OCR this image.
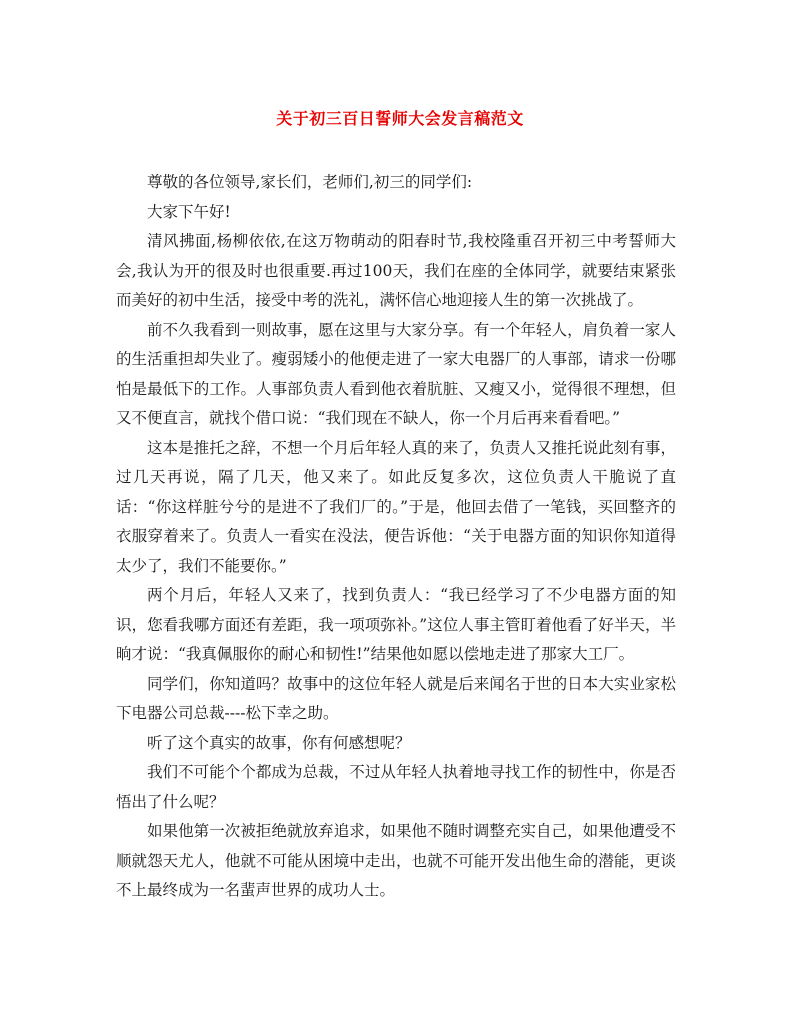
关于初三百日誓师大会发言稿范文

尊敬的各位领导,家长们，老师们,初三的同学们:

大家下午好!

清风拂面,杨柳依依,在这万物萌动的阳春时节,我校隆重召开初三中考誓师大会,我认为开的很及时也很重要.再过100天，我们在座的全体同学，就要结束紧张而美好的初中生活，接受中考的洗礼，满怀信心地迎接人生的第一次挑战了。

前不久我看到一则故事，愿在这里与大家分享。有一个年轻人，肩负着一家人的生活重担却失业了。瘦弱矮小的他便走进了一家大电器厂的人事部，请求一份哪怕是最低下的工作。人事部负责人看到他衣着肮脏、又瘦又小，觉得很不理想，但又不便直言，就找个借口说：“我们现在不缺人，你一个月后再来看看吧。”

这本是推托之辞，不想一个月后年轻人真的来了，负责人又推托说此刻有事，过几天再说，隔了几天，他又来了。如此反复多次，这位负责人干脆说了直话：“你这样脏兮兮的是进不了我们厂的。”于是，他回去借了一笔钱，买回整齐的衣服穿着来了。负责人一看实在没法，便告诉他：“关于电器方面的知识你知道得太少了，我们不能要你。”

两个月后，年轻人又来了，找到负责人：“我已经学习了不少电器方面的知识，您看我哪方面还有差距，我一项项弥补。”这位人事主管盯着他看了好半天，半晌才说：“我真佩服你的耐心和韧性!”结果他如愿以偿地走进了那家大工厂。

同学们，你知道吗？故事中的这位年轻人就是后来闻名于世的日本大实业家松下电器公司总裁----松下幸之助。

听了这个真实的故事，你有何感想呢？

我们不可能个个都成为总裁，不过从年轻人执着地寻找工作的韧性中，你是否悟出了什么呢？

如果他第一次被拒绝就放弃追求，如果他不随时调整充实自己，如果他遭受不顺就怨天尤人，他就不可能从困境中走出，也就不可能开发出他生命的潜能，更谈不上最终成为一名蜚声世界的成功人士。
